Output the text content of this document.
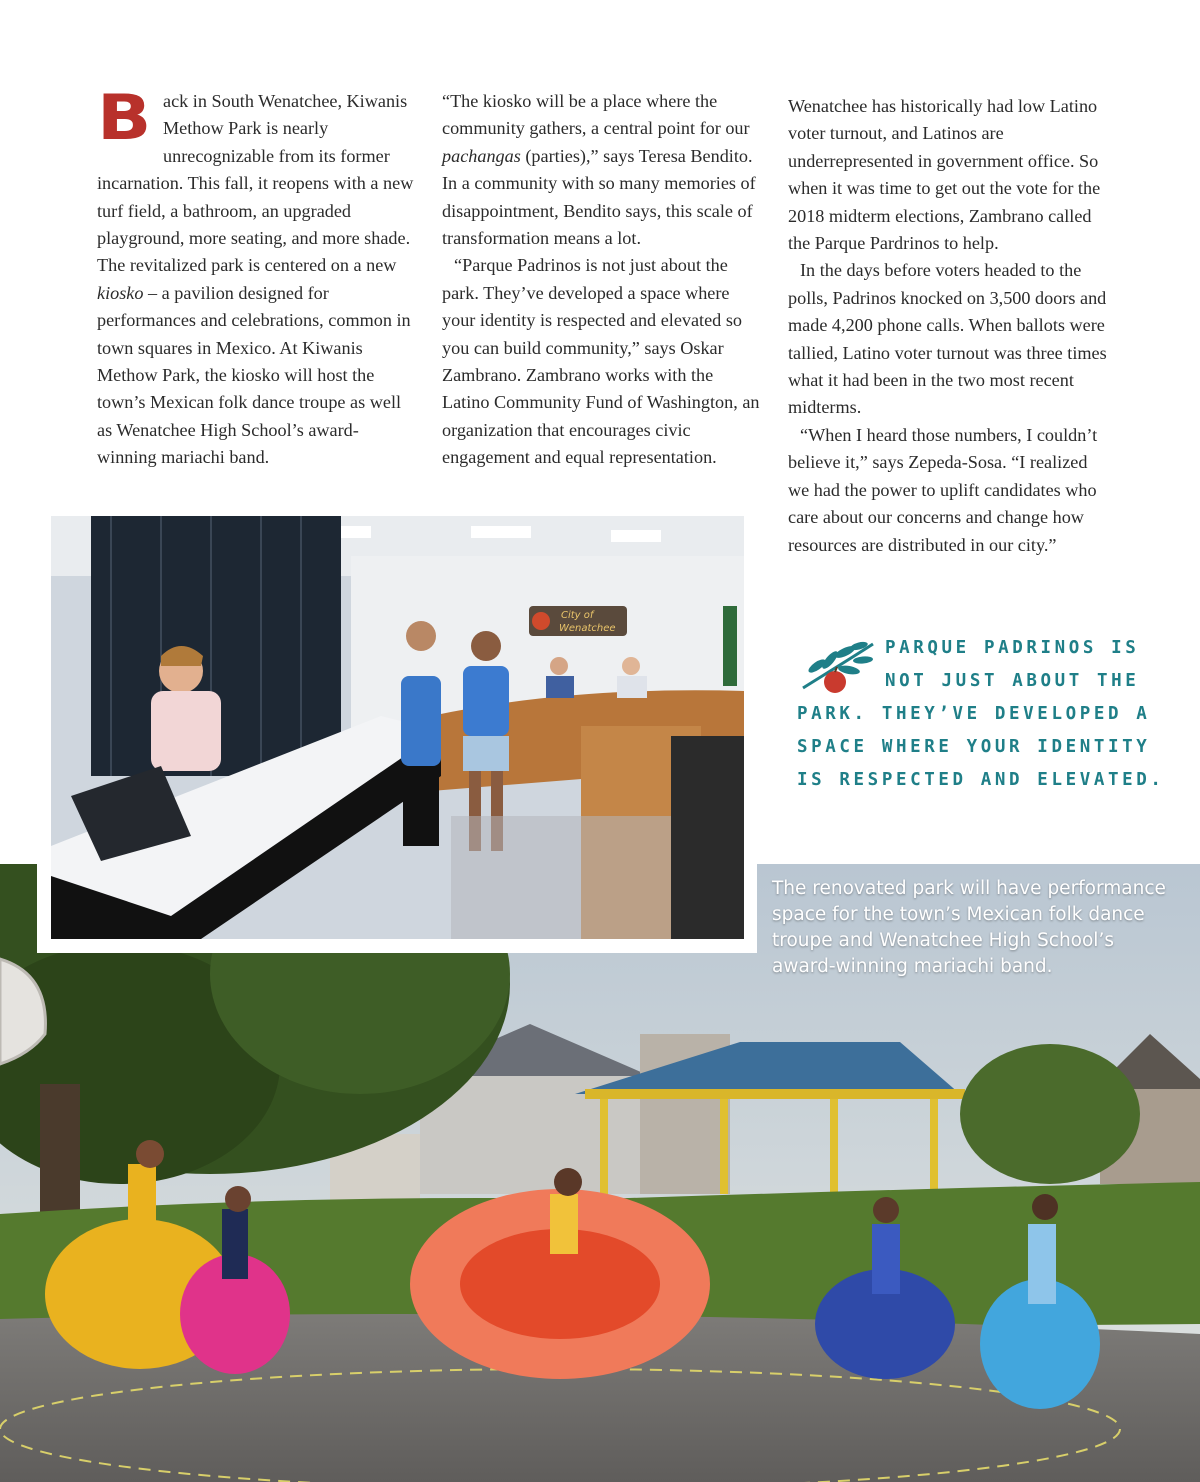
Back in South Wenatchee, Kiwanis Methow Park is nearly unrecognizable from its former incarnation. This fall, it reopens with a new turf field, a bathroom, an upgraded playground, more seating, and more shade. The revitalized park is centered on a new kiosko – a pavilion designed for performances and celebrations, common in town squares in Mexico. At Kiwanis Methow Park, the kiosko will host the town’s Mexican folk dance troupe as well as Wenatchee High School’s award-winning mariachi band.

“The kiosko will be a place where the community gathers, a central point for our pachangas (parties),” says Teresa Bendito. In a community with so many memories of disappointment, Bendito says, this scale of transformation means a lot.

“Parque Padrinos is not just about the park. They’ve developed a space where your identity is respected and elevated so you can build community,” says Oskar Zambrano. Zambrano works with the Latino Community Fund of Washington, an organization that encourages civic engagement and equal representation.

Wenatchee has historically had low Latino voter turnout, and Latinos are underrepresented in government office. So when it was time to get out the vote for the 2018 midterm elections, Zambrano called the Parque Pardrinos to help.

In the days before voters headed to the polls, Padrinos knocked on 3,500 doors and made 4,200 phone calls. When ballots were tallied, Latino voter turnout was three times what it had been in the two most recent midterms.

“When I heard those numbers, I couldn’t believe it,” says Zepeda-Sosa. “I realized we had the power to uplift candidates who care about our concerns and change how resources are distributed in our city.”

PARQUE PADRINOS IS
NOT JUST ABOUT THE
PARK. THEY’VE DEVELOPED A
SPACE WHERE YOUR IDENTITY
IS RESPECTED AND ELEVATED.
The renovated park will have performance space for the town’s Mexican folk dance troupe and Wenatchee High School’s award-winning mariachi band.
City of
Wenatchee
